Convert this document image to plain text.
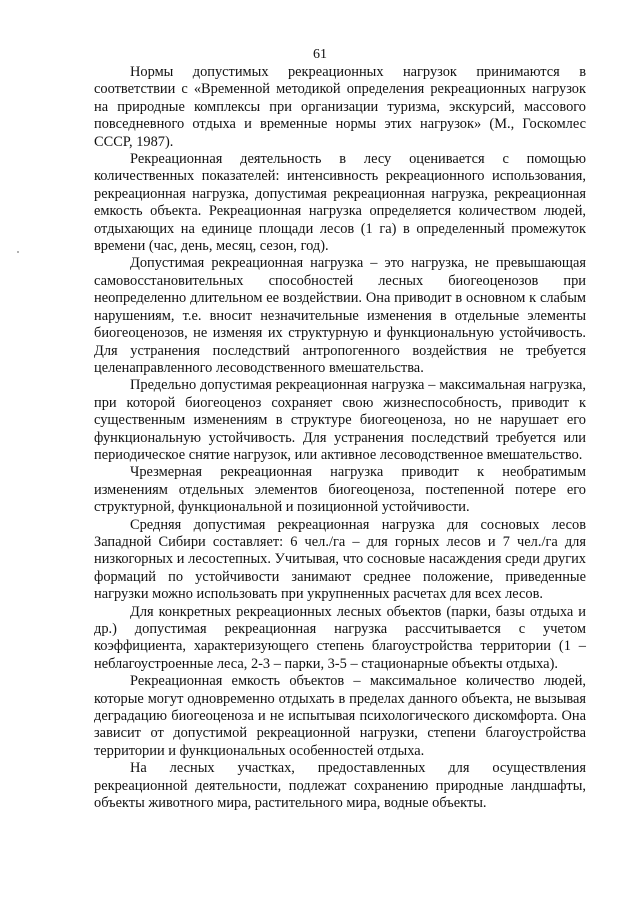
61

Нормы допустимых рекреационных нагрузок принимаются в соответствии с «Временной методикой определения рекреационных нагрузок на природные комплексы при организации туризма, экскурсий, массового повседневного отдыха и временные нормы этих нагрузок» (М., Госкомлес СССР, 1987).

Рекреационная деятельность в лесу оценивается с помощью количественных показателей: интенсивность рекреационного использования, рекреационная нагрузка, допустимая рекреационная нагрузка, рекреационная емкость объекта. Рекреационная нагрузка определяется количеством людей, отдыхающих на единице площади лесов (1 га) в определенный промежуток времени (час, день, месяц, сезон, год).

Допустимая рекреационная нагрузка – это нагрузка, не превышающая самовосстановительных способностей лесных биогеоценозов при неопределенно длительном ее воздействии. Она приводит в основном к слабым нарушениям, т.е. вносит незначительные изменения в отдельные элементы биогеоценозов, не изменяя их структурную и функциональную устойчивость. Для устранения последствий антропогенного воздействия не требуется целенаправленного лесоводственного вмешательства.

Предельно допустимая рекреационная нагрузка – максимальная нагрузка, при которой биогеоценоз сохраняет свою жизнеспособность, приводит к существенным изменениям в структуре биогеоценоза, но не нарушает его функциональную устойчивость. Для устранения последствий требуется или периодическое снятие нагрузок, или активное лесоводственное вмешательство.

Чрезмерная рекреационная нагрузка приводит к необратимым изменениям отдельных элементов биогеоценоза, постепенной потере его структурной, функциональной и позиционной устойчивости.

Средняя допустимая рекреационная нагрузка для сосновых лесов Западной Сибири составляет: 6 чел./га – для горных лесов и 7 чел./га для низкогорных и лесостепных. Учитывая, что сосновые насаждения среди других формаций по устойчивости занимают среднее положение, приведенные нагрузки можно использовать при укрупненных расчетах для всех лесов.

Для конкретных рекреационных лесных объектов (парки, базы отдыха и др.) допустимая рекреационная нагрузка рассчитывается с учетом коэффициента, характеризующего степень благоустройства территории (1 – неблагоустроенные леса, 2-3 – парки, 3-5 – стационарные объекты отдыха).

Рекреационная емкость объектов – максимальное количество людей, которые могут одновременно отдыхать в пределах данного объекта, не вызывая деградацию биогеоценоза и не испытывая психологического дискомфорта. Она зависит от допустимой рекреационной нагрузки, степени благоустройства территории и функциональных особенностей отдыха.

На лесных участках, предоставленных для осуществления рекреационной деятельности, подлежат сохранению природные ландшафты, объекты животного мира, растительного мира, водные объекты.
